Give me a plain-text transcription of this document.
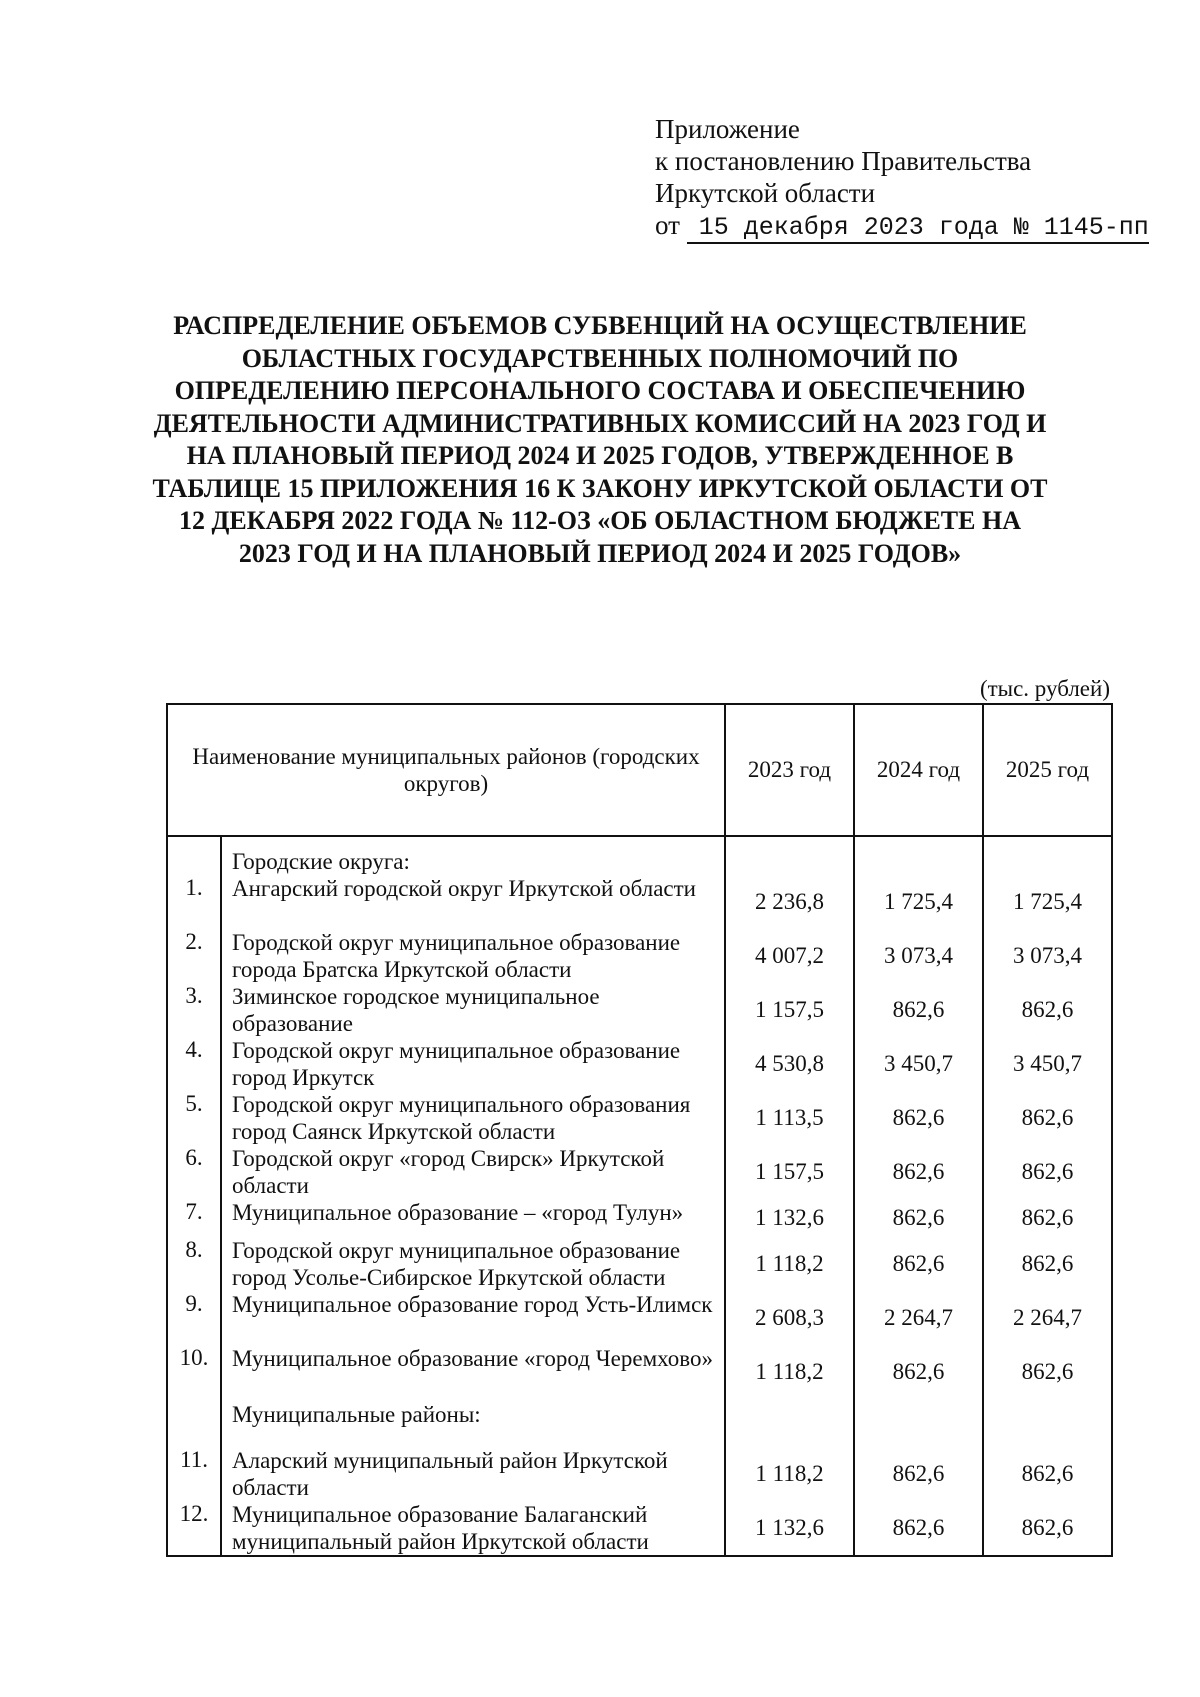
Приложение
к постановлению Правительства
Иркутской области
от 15 декабря 2023 года № 1145-пп
РАСПРЕДЕЛЕНИЕ ОБЪЕМОВ СУБВЕНЦИЙ НА ОСУЩЕСТВЛЕНИЕ ОБЛАСТНЫХ ГОСУДАРСТВЕННЫХ ПОЛНОМОЧИЙ ПО ОПРЕДЕЛЕНИЮ ПЕРСОНАЛЬНОГО СОСТАВА И ОБЕСПЕЧЕНИЮ ДЕЯТЕЛЬНОСТИ АДМИНИСТРАТИВНЫХ КОМИССИЙ НА 2023 ГОД И НА ПЛАНОВЫЙ ПЕРИОД 2024 И 2025 ГОДОВ, УТВЕРЖДЕННОЕ В ТАБЛИЦЕ 15 ПРИЛОЖЕНИЯ 16 К ЗАКОНУ ИРКУТСКОЙ ОБЛАСТИ ОТ 12 ДЕКАБРЯ 2022 ГОДА № 112-ОЗ «ОБ ОБЛАСТНОМ БЮДЖЕТЕ НА 2023 ГОД И НА ПЛАНОВЫЙ ПЕРИОД 2024 И 2025 ГОДОВ»
(тыс. рублей)
Наименование муниципальных районов (городских округов)		2023 год	2024 год	2025 год

	Городские округа:			
1.	Ангарский городской округ Иркутской области	2 236,8	1 725,4	1 725,4
2.	Городской округ муниципальное образование города Братска Иркутской области	4 007,2	3 073,4	3 073,4
3.	Зиминское городское муниципальное образование	1 157,5	862,6	862,6
4.	Городской округ муниципальное образование город Иркутск	4 530,8	3 450,7	3 450,7
5.	Городской округ муниципального образования город Саянск Иркутской области	1 113,5	862,6	862,6
6.	Городской округ «город Свирск» Иркутской области	1 157,5	862,6	862,6
7.	Муниципальное образование – «город Тулун»	1 132,6	862,6	862,6
8.	Городской округ муниципальное образование город Усолье-Сибирское Иркутской области	1 118,2	862,6	862,6
9.	Муниципальное образование город Усть-Илимск	2 608,3	2 264,7	2 264,7
10.	Муниципальное образование «город Черемхово»	1 118,2	862,6	862,6
	Муниципальные районы:			
11.	Аларский муниципальный район Иркутской области	1 118,2	862,6	862,6
12.	Муниципальное образование Балаганский муниципальный район Иркутской области	1 132,6	862,6	862,6
